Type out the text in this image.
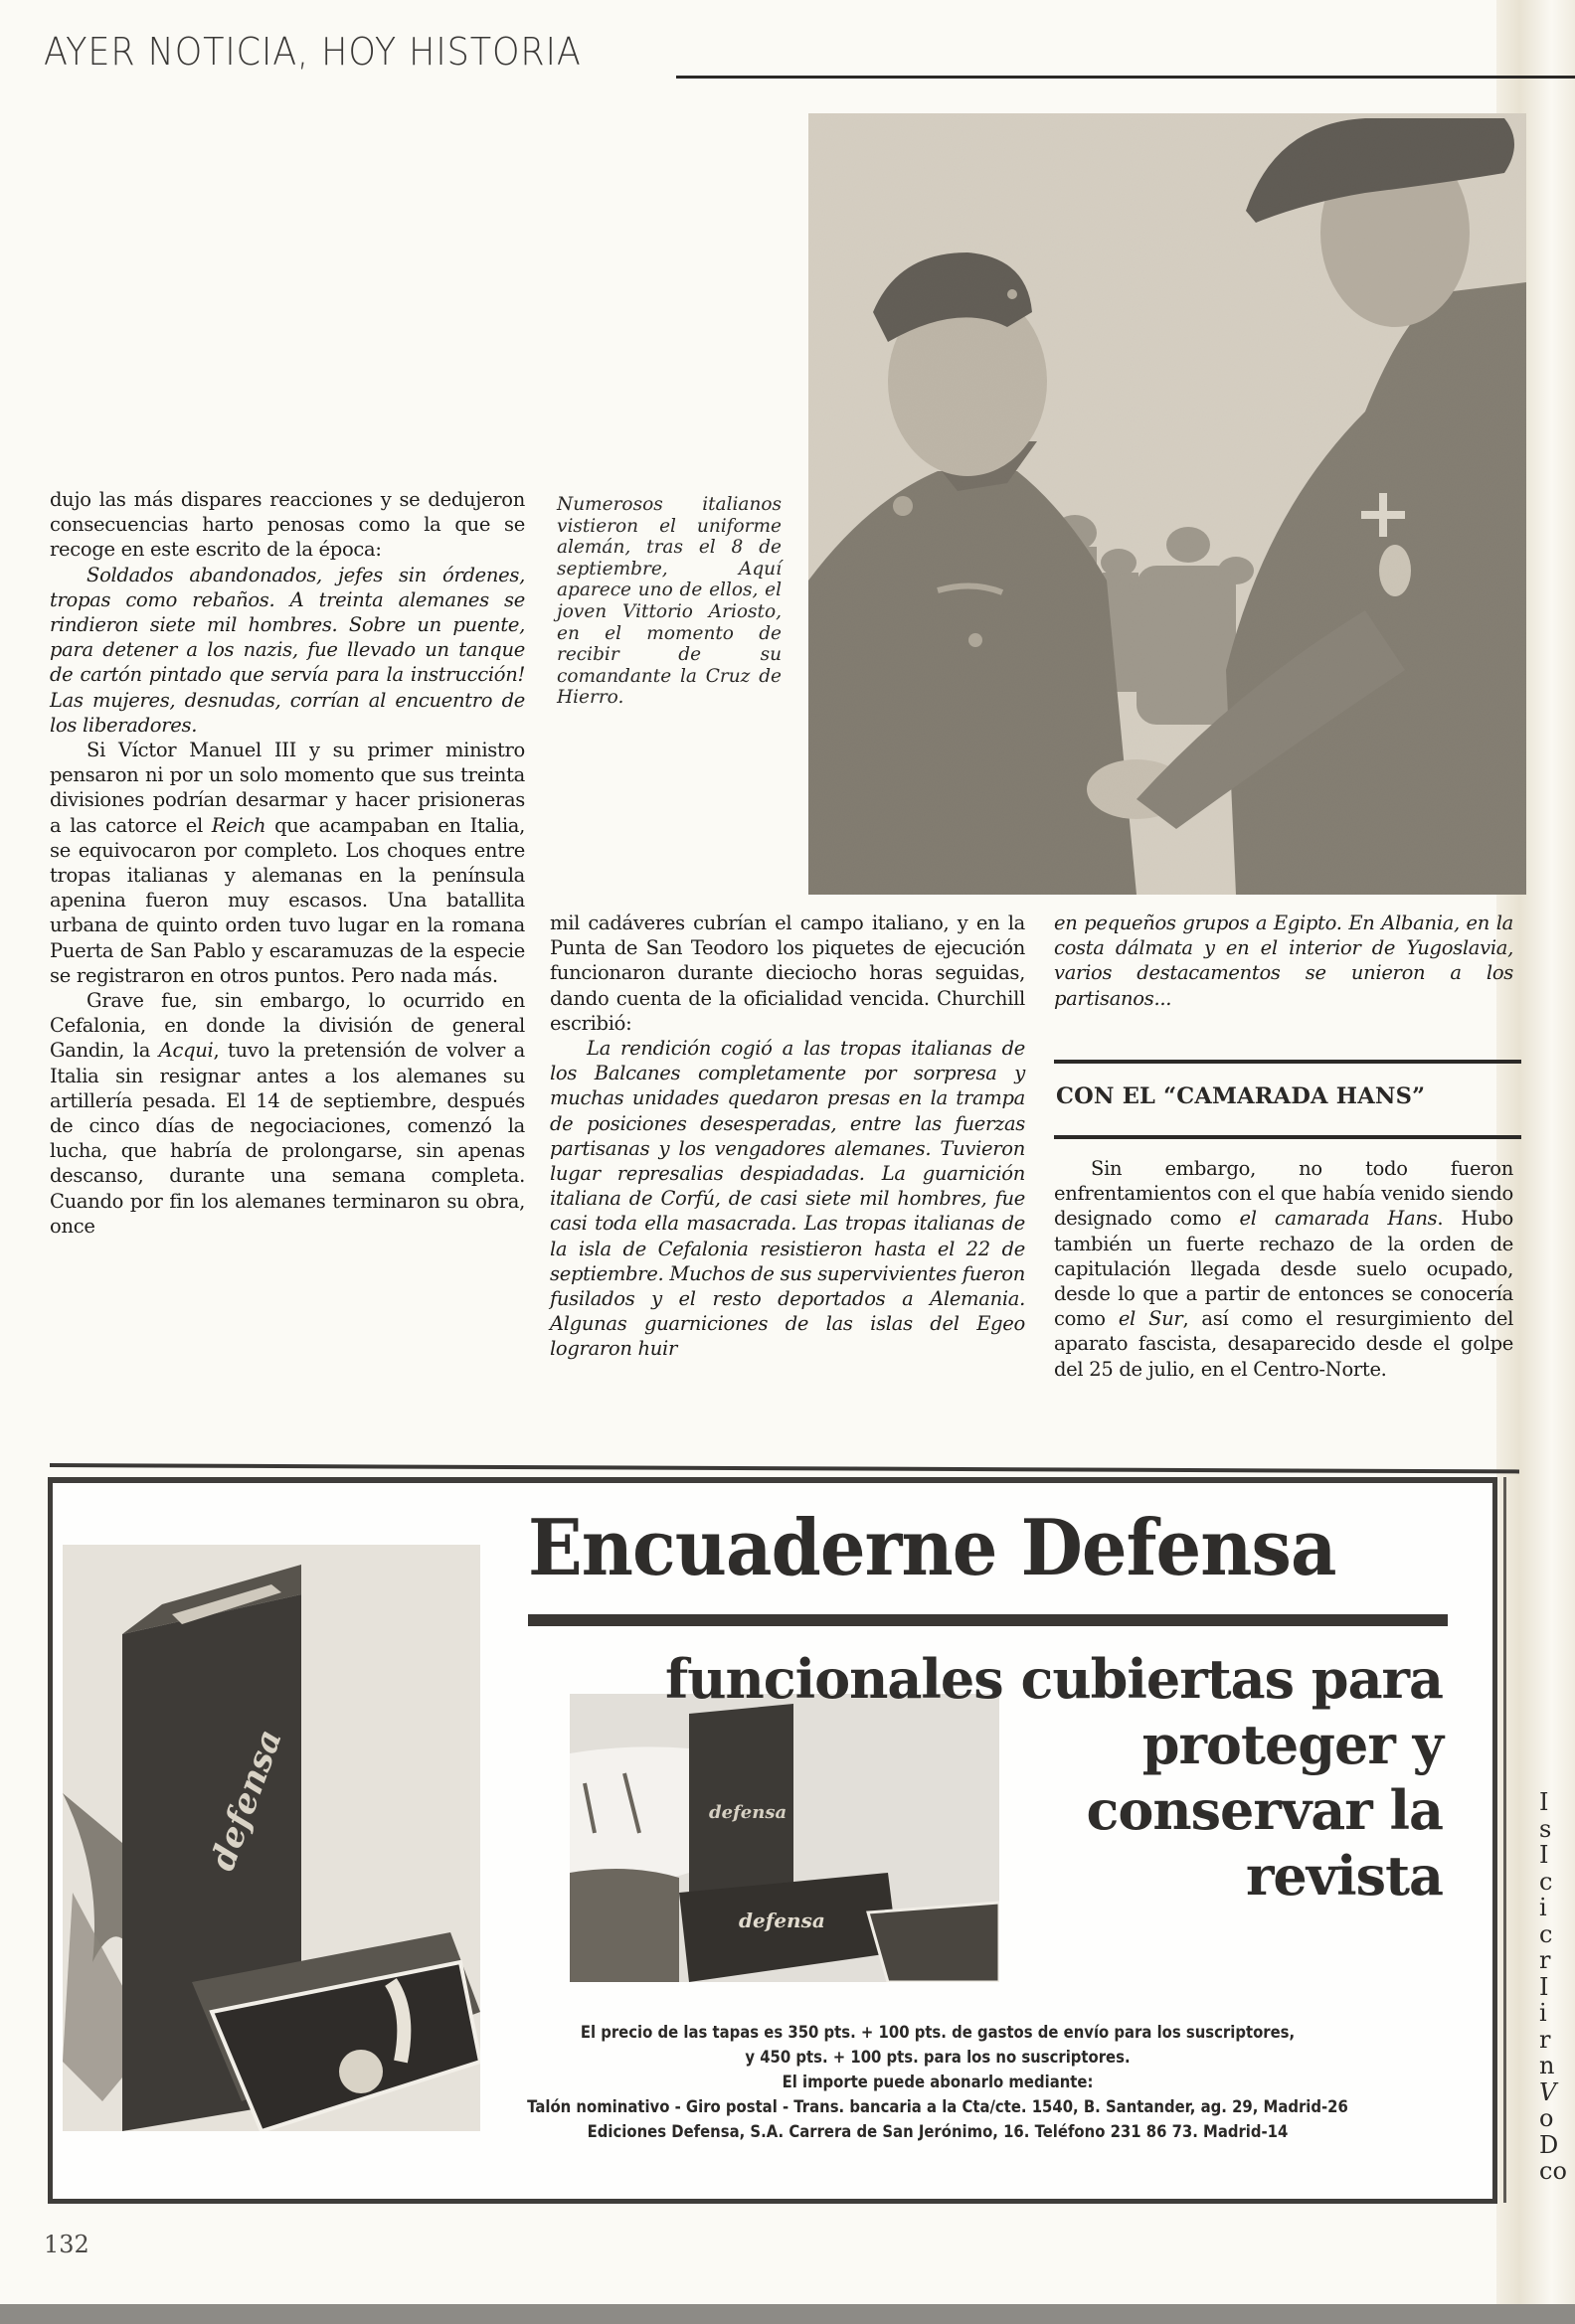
AYER NOTICIA, HOY HISTORIA
Numerosos italianos vistieron el uniforme alemán, tras el 8 de septiembre, Aquí aparece uno de ellos, el joven Vittorio Ariosto, en el momento de recibir de su comandante la Cruz de Hierro.

dujo las más dispares reacciones y se dedujeron consecuencias harto penosas como la que se recoge en este escrito de la época:

Soldados abandonados, jefes sin órdenes, tropas como rebaños. A treinta alemanes se rindieron siete mil hombres. Sobre un puente, para detener a los nazis, fue llevado un tanque de cartón pintado que servía para la instrucción! Las mujeres, desnudas, corrían al encuentro de los liberadores.

Si Víctor Manuel III y su primer ministro pensaron ni por un solo momento que sus treinta divisiones podrían desarmar y hacer prisioneras a las catorce el Reich que acampaban en Italia, se equivocaron por completo. Los choques entre tropas italianas y alemanas en la península apenina fueron muy escasos. Una batallita urbana de quinto orden tuvo lugar en la romana Puerta de San Pablo y escaramuzas de la especie se registraron en otros puntos. Pero nada más.

Grave fue, sin embargo, lo ocurrido en Cefalonia, en donde la división de general Gandin, la Acqui, tuvo la pretensión de volver a Italia sin resignar antes a los alemanes su artillería pesada. El 14 de septiembre, después de cinco días de negociaciones, comenzó la lucha, que habría de prolongarse, sin apenas descanso, durante una semana completa. Cuando por fin los alemanes terminaron su obra, once

mil cadáveres cubrían el campo italiano, y en la Punta de San Teodoro los piquetes de ejecución funcionaron durante dieciocho horas seguidas, dando cuenta de la oficialidad vencida. Churchill escribió:

La rendición cogió a las tropas italianas de los Balcanes completamente por sorpresa y muchas unidades quedaron presas en la trampa de posiciones desesperadas, entre las fuerzas partisanas y los vengadores alemanes. Tuvieron lugar represalias despiadadas. La guarnición italiana de Corfú, de casi siete mil hombres, fue casi toda ella masacrada. Las tropas italianas de la isla de Cefalonia resistieron hasta el 22 de septiembre. Muchos de sus supervivientes fueron fusilados y el resto deportados a Alemania. Algunas guarniciones de las islas del Egeo lograron huir

en pequeños grupos a Egipto. En Albania, en la costa dálmata y en el interior de Yugoslavia, varios destacamentos se unieron a los partisanos...

CON EL “CAMARADA HANS”

Sin embargo, no todo fueron enfrentamientos con el que había venido siendo designado como el camarada Hans. Hubo también un fuerte rechazo de la orden de capitulación llegada desde suelo ocupado, desde lo que a partir de entonces se conocería como el Sur, así como el resurgimiento del aparato fascista, desaparecido desde el golpe del 25 de julio, en el Centro-Norte.

defensa	defensa
defensa
Encuaderne Defensa
funcionales cubiertas para
proteger y
conservar la
revista
El precio de las tapas es 350 pts. + 100 pts. de gastos de envío para los suscriptores,
y 450 pts. + 100 pts. para los no suscriptores.
El importe puede abonarlo mediante:
Talón nominativo - Giro postal - Trans. bancaria a la Cta/cte. 1540, B. Santander, ag. 29, Madrid-26
Ediciones Defensa, S.A. Carrera de San Jerónimo, 16. Teléfono 231 86 73. Madrid-14
132
I
s
I
c
i
c
r
I
i
r
n
V
o
D
co
